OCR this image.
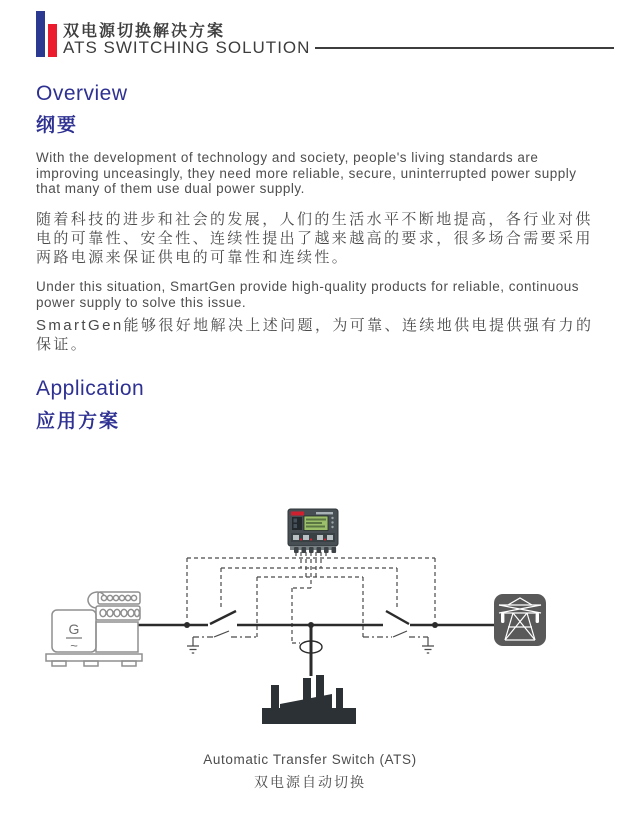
双电源切换解决方案
ATS SWITCHING SOLUTION
Overview
纲要
With the development of technology and society, people's living standards are improving unceasingly, they need more reliable, secure, uninterrupted power supply that many of them use dual power supply.
随着科技的进步和社会的发展，人们的生活水平不断地提高，各行业对供电的可靠性、安全性、连续性提出了越来越高的要求，很多场合需要采用两路电源来保证供电的可靠性和连续性。
Under this situation, SmartGen provide high-quality products for reliable, continuous power supply to solve this issue.
SmartGen能够很好地解决上述问题，为可靠、连续地供电提供强有力的保证。
Application
应用方案
G
~
Automatic Transfer Switch (ATS)
双电源自动切换
